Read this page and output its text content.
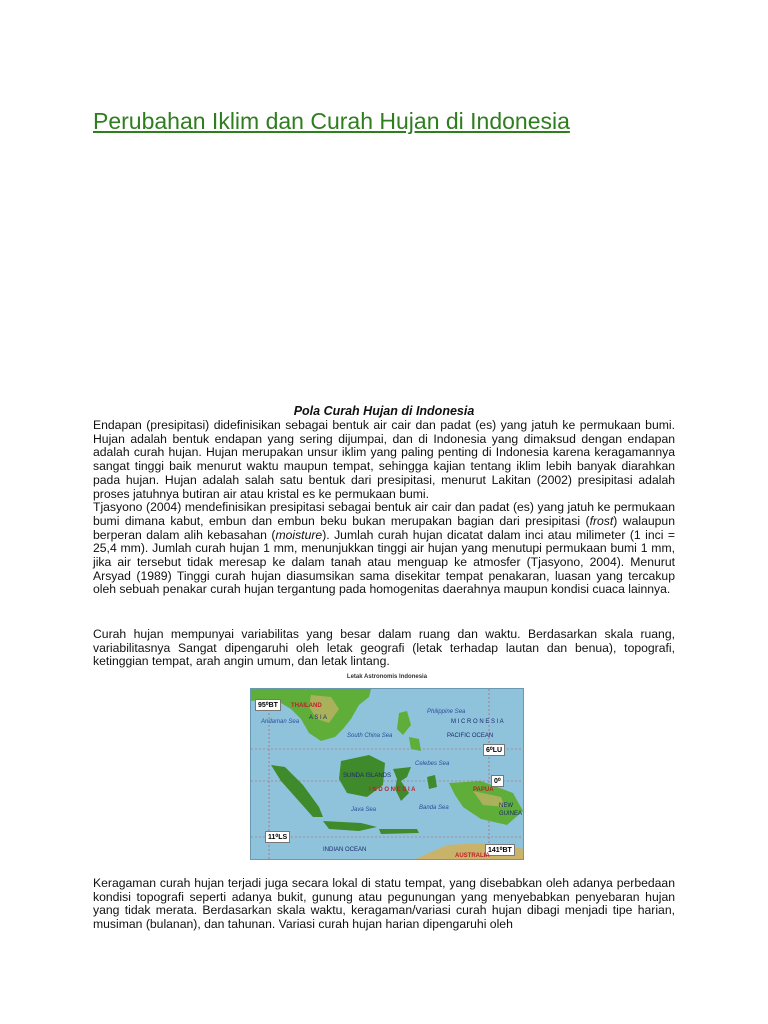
Perubahan Iklim dan Curah Hujan di Indonesia

Pola Curah Hujan di Indonesia

Endapan (presipitasi) didefinisikan sebagai bentuk air cair dan padat (es) yang jatuh ke permukaan bumi. Hujan adalah bentuk endapan yang sering dijumpai, dan di Indonesia yang dimaksud dengan endapan adalah curah hujan. Hujan merupakan unsur iklim yang paling penting di Indonesia karena keragamannya sangat tinggi baik menurut waktu maupun tempat, sehingga kajian tentang iklim lebih banyak diarahkan pada hujan. Hujan adalah salah satu bentuk dari presipitasi, menurut Lakitan (2002) presipitasi adalah proses jatuhnya butiran air atau kristal es ke permukaan bumi.
Tjasyono (2004) mendefinisikan presipitasi sebagai bentuk air cair dan padat (es) yang jatuh ke permukaan bumi dimana kabut, embun dan embun beku bukan merupakan bagian dari presipitasi (frost) walaupun berperan dalam alih kebasahan (moisture). Jumlah curah hujan dicatat dalam inci atau milimeter (1 inci = 25,4 mm). Jumlah curah hujan 1 mm, menunjukkan tinggi air hujan yang menutupi permukaan bumi 1 mm, jika air tersebut tidak meresap ke dalam tanah atau menguap ke atmosfer (Tjasyono, 2004). Menurut Arsyad (1989) Tinggi curah hujan diasumsikan sama disekitar tempat penakaran, luasan yang tercakup oleh sebuah penakar curah hujan tergantung pada homogenitas daerahnya maupun kondisi cuaca lainnya.

Curah hujan mempunyai variabilitas yang besar dalam ruang dan waktu. Berdasarkan skala ruang, variabilitasnya Sangat dipengaruhi oleh letak geografi (letak terhadap lautan dan benua), topografi, ketinggian tempat, arah angin umum, dan letak lintang.

Letak Astronomis Indonesia
95⁰BT
6⁰LU
0⁰
11⁰LS
141⁰BT
THAILAND
A S I A
Andaman Sea
South China Sea
Philippine Sea
M I C R O N E S I A
PACIFIC OCEAN
Celebes Sea
SUNDA ISLANDS
I N D O N E S I A
Java Sea	Banda Sea
PAPUA
NEW
GUINEA
INDIAN OCEAN
AUSTRALIA

Keragaman curah hujan terjadi juga secara lokal di statu tempat, yang disebabkan oleh adanya perbedaan kondisi topografi seperti adanya bukit, gunung atau pegunungan yang menyebabkan penyebaran hujan yang tidak merata. Berdasarkan skala waktu, keragaman/variasi curah hujan dibagi menjadi tipe harian, musiman (bulanan), dan tahunan. Variasi curah hujan harian dipengaruhi oleh
